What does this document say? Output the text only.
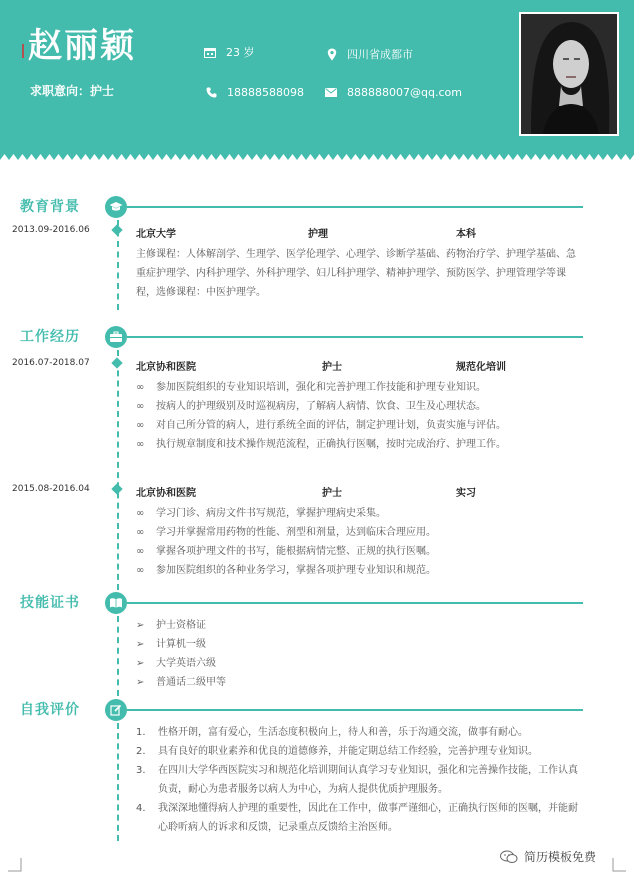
赵丽颖
求职意向：护士
23 岁	四川省成都市
18888588098	888888007@qq.com
教育背景
2013.09-2016.06	北京大学	护理	本科
主修课程：人体解剖学、生理学、医学伦理学、心理学、诊断学基础、药物治疗学、护理学基础、急重症护理学、内科护理学、外科护理学、妇儿科护理学、精神护理学、预防医学、护理管理学等课程，选修课程：中医护理学。
工作经历
2016.07-2018.07	北京协和医院	护士	规范化培训
∞ 参加医院组织的专业知识培训，强化和完善护理工作技能和护理专业知识。
∞ 按病人的护理级别及时巡视病房，了解病人病情、饮食、卫生及心理状态。
∞ 对自己所分管的病人，进行系统全面的评估，制定护理计划，负责实施与评估。
∞ 执行规章制度和技术操作规范流程，正确执行医嘱，按时完成治疗、护理工作。
2015.08-2016.04	北京协和医院	护士	实习
∞ 学习门诊、病房文件书写规范，掌握护理病史采集。
∞ 学习并掌握常用药物的性能、剂型和剂量，达到临床合理应用。
∞ 掌握各项护理文件的书写，能根据病情完整、正规的执行医嘱。
∞ 参加医院组织的各种业务学习，掌握各项护理专业知识和规范。
技能证书
➢ 护士资格证
➢ 计算机一级
➢ 大学英语六级
➢ 普通话二级甲等
自我评价
1. 性格开朗，富有爱心，生活态度积极向上，待人和善，乐于沟通交流，做事有耐心。
2. 具有良好的职业素养和优良的道德修养，并能定期总结工作经验，完善护理专业知识。
3. 在四川大学华西医院实习和规范化培训期间认真学习专业知识，强化和完善操作技能，工作认真负责，耐心为患者服务以病人为中心，为病人提供优质护理服务。
4. 我深深地懂得病人护理的重要性，因此在工作中，做事严谨细心，正确执行医师的医嘱，并能耐心聆听病人的诉求和反馈，记录重点反馈给主治医师。
简历模板免费
